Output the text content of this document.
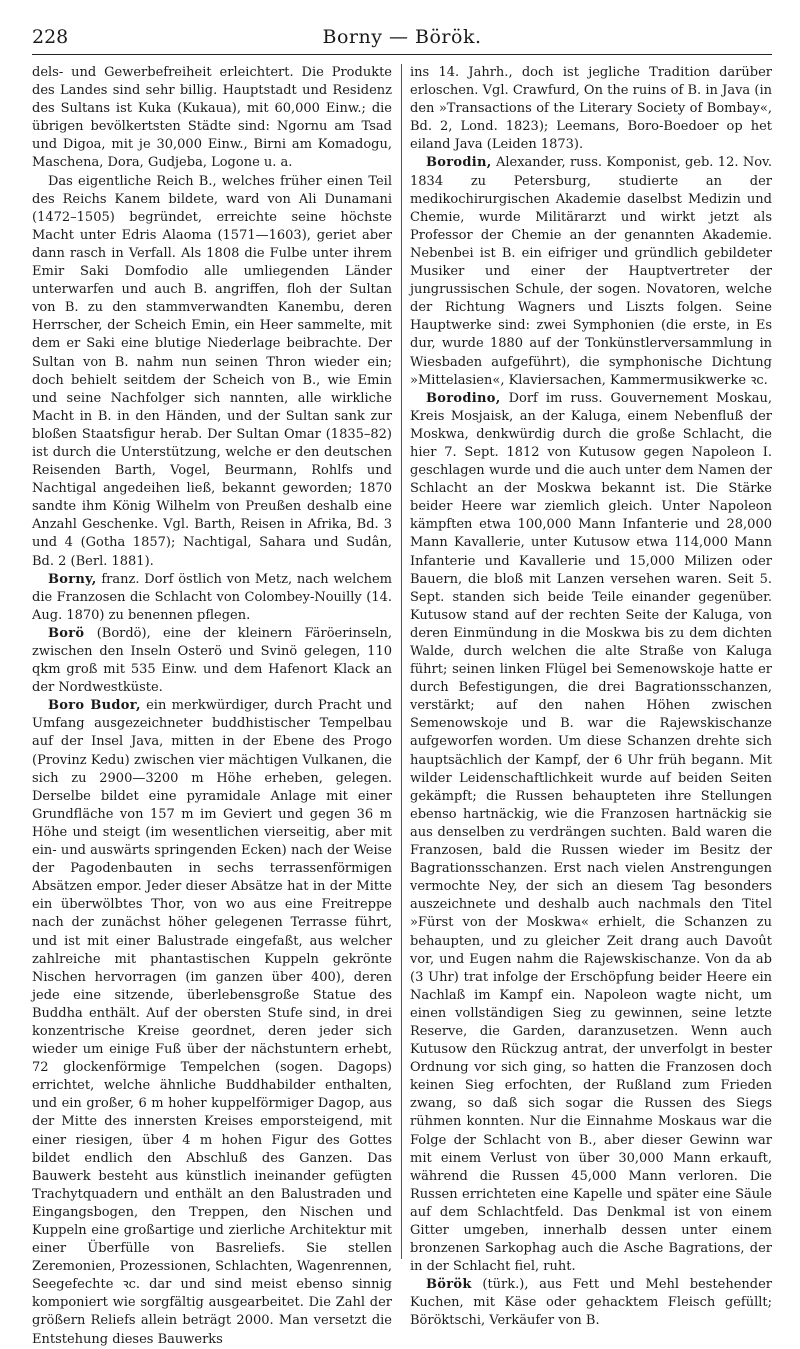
228	Borny — Börök.

dels- und Gewerbefreiheit erleichtert. Die Produkte des Landes sind sehr billig. Hauptstadt und Residenz des Sultans ist Kuka (Kukaua), mit 60,000 Einw.; die übrigen bevölkertsten Städte sind: Ngornu am Tsad und Digoa, mit je 30,000 Einw., Birni am Komadogu, Maschena, Dora, Gudjeba, Logone u. a.

Das eigentliche Reich B., welches früher einen Teil des Reichs Kanem bildete, ward von Ali Dunamani (1472–1505) begründet, erreichte seine höchste Macht unter Edris Alaoma (1571—1603), geriet aber dann rasch in Verfall. Als 1808 die Fulbe unter ihrem Emir Saki Domfodio alle umliegenden Länder unterwarfen und auch B. angriffen, floh der Sultan von B. zu den stammverwandten Kanembu, deren Herrscher, der Scheich Emin, ein Heer sammelte, mit dem er Saki eine blutige Niederlage beibrachte. Der Sultan von B. nahm nun seinen Thron wieder ein; doch behielt seitdem der Scheich von B., wie Emin und seine Nachfolger sich nannten, alle wirkliche Macht in B. in den Händen, und der Sultan sank zur bloßen Staatsfigur herab. Der Sultan Omar (1835–82) ist durch die Unterstützung, welche er den deutschen Reisenden Barth, Vogel, Beurmann, Rohlfs und Nachtigal angedeihen ließ, bekannt geworden; 1870 sandte ihm König Wilhelm von Preußen deshalb eine Anzahl Geschenke. Vgl. Barth, Reisen in Afrika, Bd. 3 und 4 (Gotha 1857); Nachtigal, Sahara und Sudân, Bd. 2 (Berl. 1881).

Borny, franz. Dorf östlich von Metz, nach welchem die Franzosen die Schlacht von Colombey-Nouilly (14. Aug. 1870) zu benennen pflegen.

Borö (Bordö), eine der kleinern Färöerinseln, zwischen den Inseln Osterö und Svinö gelegen, 110 qkm groß mit 535 Einw. und dem Hafenort Klack an der Nordwestküste.

Boro Budor, ein merkwürdiger, durch Pracht und Umfang ausgezeichneter buddhistischer Tempelbau auf der Insel Java, mitten in der Ebene des Progo (Provinz Kedu) zwischen vier mächtigen Vulkanen, die sich zu 2900—3200 m Höhe erheben, gelegen. Derselbe bildet eine pyramidale Anlage mit einer Grundfläche von 157 m im Geviert und gegen 36 m Höhe und steigt (im wesentlichen vierseitig, aber mit ein- und auswärts springenden Ecken) nach der Weise der Pagodenbauten in sechs terrassenförmigen Absätzen empor. Jeder dieser Absätze hat in der Mitte ein überwölbtes Thor, von wo aus eine Freitreppe nach der zunächst höher gelegenen Terrasse führt, und ist mit einer Balustrade eingefaßt, aus welcher zahlreiche mit phantastischen Kuppeln gekrönte Nischen hervorragen (im ganzen über 400), deren jede eine sitzende, überlebensgroße Statue des Buddha enthält. Auf der obersten Stufe sind, in drei konzentrische Kreise geordnet, deren jeder sich wieder um einige Fuß über der nächstuntern erhebt, 72 glockenförmige Tempelchen (sogen. Dagops) errichtet, welche ähnliche Buddhabilder enthalten, und ein großer, 6 m hoher kuppelförmiger Dagop, aus der Mitte des innersten Kreises emporsteigend, mit einer riesigen, über 4 m hohen Figur des Gottes bildet endlich den Abschluß des Ganzen. Das Bauwerk besteht aus künstlich ineinander gefügten Trachytquadern und enthält an den Balustraden und Eingangsbogen, den Treppen, den Nischen und Kuppeln eine großartige und zierliche Architektur mit einer Überfülle von Basreliefs. Sie stellen Zeremonien, Prozessionen, Schlachten, Wagenrennen, Seegefechte ꝛc. dar und sind meist ebenso sinnig komponiert wie sorgfältig ausgearbeitet. Die Zahl der größern Reliefs allein beträgt 2000. Man versetzt die Entstehung dieses Bauwerks

ins 14. Jahrh., doch ist jegliche Tradition darüber erloschen. Vgl. Crawfurd, On the ruins of B. in Java (in den »Transactions of the Literary Society of Bombay«, Bd. 2, Lond. 1823); Leemans, Boro-Boedoer op het eiland Java (Leiden 1873).

Borodin, Alexander, russ. Komponist, geb. 12. Nov. 1834 zu Petersburg, studierte an der medikochirurgischen Akademie daselbst Medizin und Chemie, wurde Militärarzt und wirkt jetzt als Professor der Chemie an der genannten Akademie. Nebenbei ist B. ein eifriger und gründlich gebildeter Musiker und einer der Hauptvertreter der jungrussischen Schule, der sogen. Novatoren, welche der Richtung Wagners und Liszts folgen. Seine Hauptwerke sind: zwei Symphonien (die erste, in Es dur, wurde 1880 auf der Tonkünstlerversammlung in Wiesbaden aufgeführt), die symphonische Dichtung »Mittelasien«, Klaviersachen, Kammermusikwerke ꝛc.

Borodino, Dorf im russ. Gouvernement Moskau, Kreis Mosjaisk, an der Kaluga, einem Nebenfluß der Moskwa, denkwürdig durch die große Schlacht, die hier 7. Sept. 1812 von Kutusow gegen Napoleon I. geschlagen wurde und die auch unter dem Namen der Schlacht an der Moskwa bekannt ist. Die Stärke beider Heere war ziemlich gleich. Unter Napoleon kämpften etwa 100,000 Mann Infanterie und 28,000 Mann Kavallerie, unter Kutusow etwa 114,000 Mann Infanterie und Kavallerie und 15,000 Milizen oder Bauern, die bloß mit Lanzen versehen waren. Seit 5. Sept. standen sich beide Teile einander gegenüber. Kutusow stand auf der rechten Seite der Kaluga, von deren Einmündung in die Moskwa bis zu dem dichten Walde, durch welchen die alte Straße von Kaluga führt; seinen linken Flügel bei Semenowskoje hatte er durch Befestigungen, die drei Bagrationsschanzen, verstärkt; auf den nahen Höhen zwischen Semenowskoje und B. war die Rajewskischanze aufgeworfen worden. Um diese Schanzen drehte sich hauptsächlich der Kampf, der 6 Uhr früh begann. Mit wilder Leidenschaftlichkeit wurde auf beiden Seiten gekämpft; die Russen behaupteten ihre Stellungen ebenso hartnäckig, wie die Franzosen hartnäckig sie aus denselben zu verdrängen suchten. Bald waren die Franzosen, bald die Russen wieder im Besitz der Bagrationsschanzen. Erst nach vielen Anstrengungen vermochte Ney, der sich an diesem Tag besonders auszeichnete und deshalb auch nachmals den Titel »Fürst von der Moskwa« erhielt, die Schanzen zu behaupten, und zu gleicher Zeit drang auch Davoût vor, und Eugen nahm die Rajewskischanze. Von da ab (3 Uhr) trat infolge der Erschöpfung beider Heere ein Nachlaß im Kampf ein. Napoleon wagte nicht, um einen vollständigen Sieg zu gewinnen, seine letzte Reserve, die Garden, daranzusetzen. Wenn auch Kutusow den Rückzug antrat, der unverfolgt in bester Ordnung vor sich ging, so hatten die Franzosen doch keinen Sieg erfochten, der Rußland zum Frieden zwang, so daß sich sogar die Russen des Siegs rühmen konnten. Nur die Einnahme Moskaus war die Folge der Schlacht von B., aber dieser Gewinn war mit einem Verlust von über 30,000 Mann erkauft, während die Russen 45,000 Mann verloren. Die Russen errichteten eine Kapelle und später eine Säule auf dem Schlachtfeld. Das Denkmal ist von einem Gitter umgeben, innerhalb dessen unter einem bronzenen Sarkophag auch die Asche Bagrations, der in der Schlacht fiel, ruht.

Börök (türk.), aus Fett und Mehl bestehender Kuchen, mit Käse oder gehacktem Fleisch gefüllt; Böröktschi, Verkäufer von B.
